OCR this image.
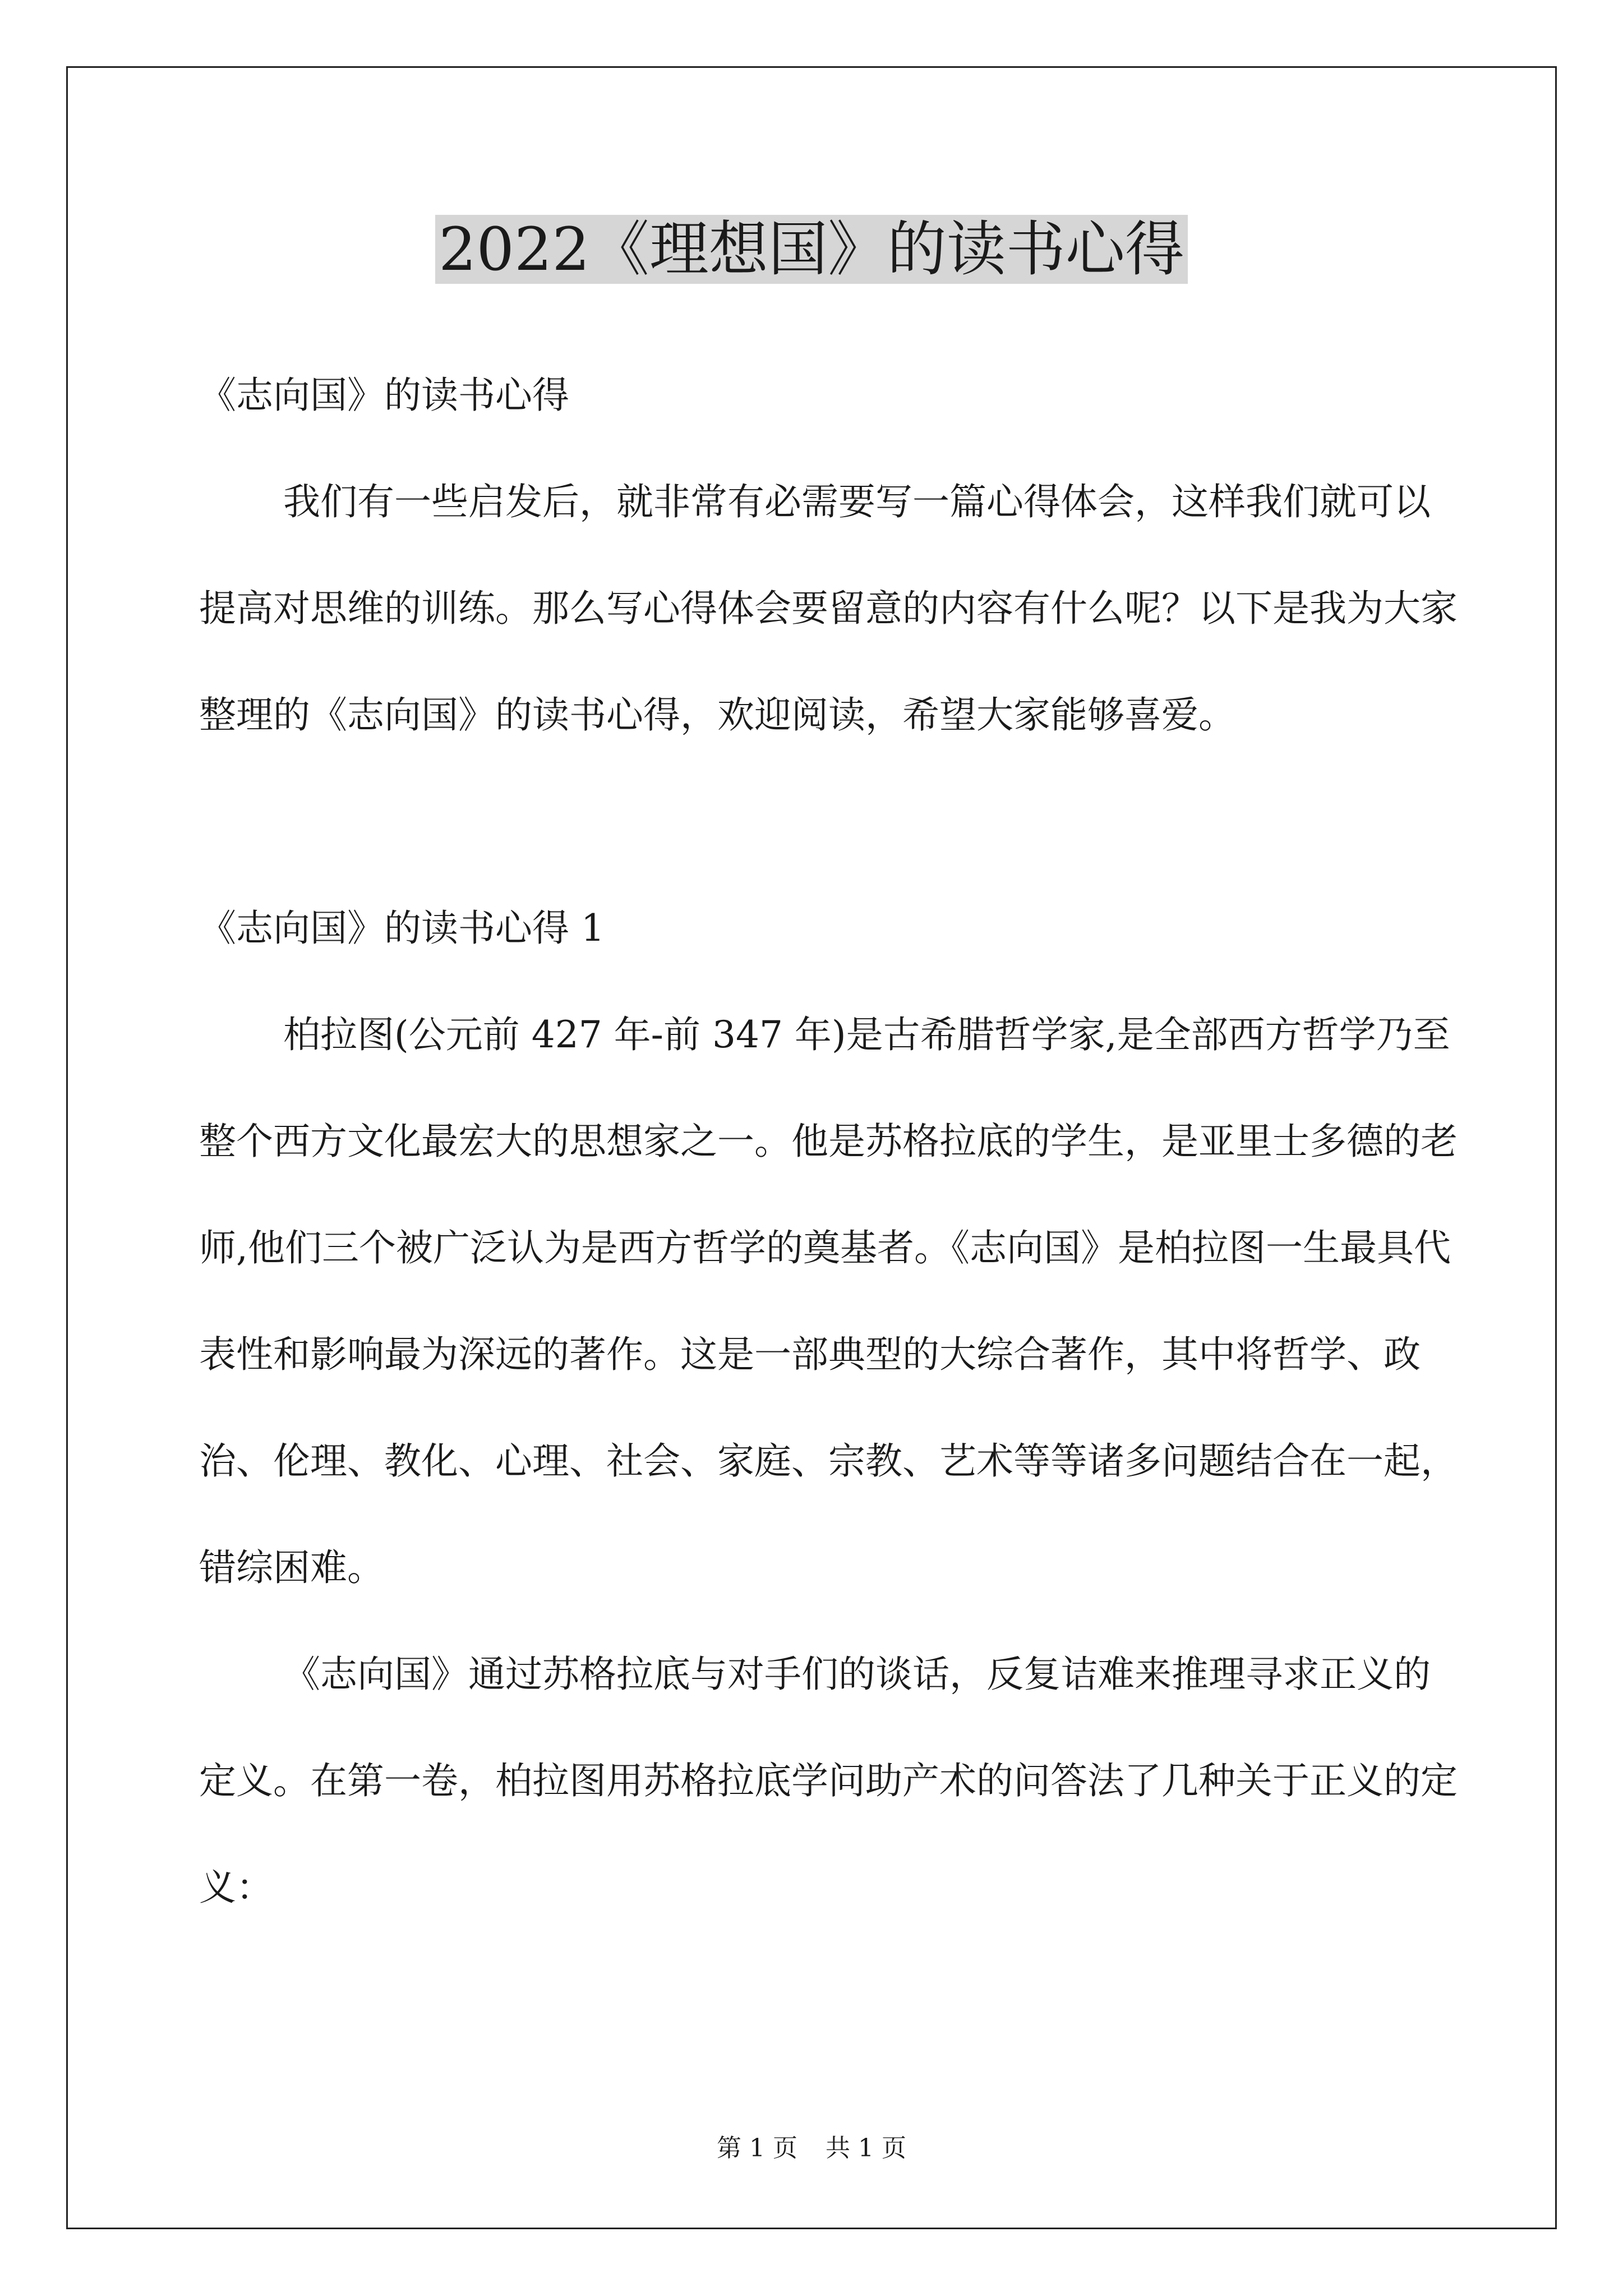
2022《理想国》的读书心得

《志向国》的读书心得

我们有一些启发后，就非常有必需要写一篇心得体会，这样我们就可以提高对思维的训练。那么写心得体会要留意的内容有什么呢？以下是我为大家整理的《志向国》的读书心得，欢迎阅读，希望大家能够喜爱。

《志向国》的读书心得 1

柏拉图(公元前 427 年-前 347 年)是古希腊哲学家,是全部西方哲学乃至整个西方文化最宏大的思想家之一。他是苏格拉底的学生，是亚里士多德的老师,他们三个被广泛认为是西方哲学的奠基者。《志向国》是柏拉图一生最具代表性和影响最为深远的著作。这是一部典型的大综合著作，其中将哲学、政治、伦理、教化、心理、社会、家庭、宗教、艺术等等诸多问题结合在一起，错综困难。

《志向国》通过苏格拉底与对手们的谈话，反复诘难来推理寻求正义的定义。在第一卷，柏拉图用苏格拉底学问助产术的问答法了几种关于正义的定义：

第 1 页 共 1 页
